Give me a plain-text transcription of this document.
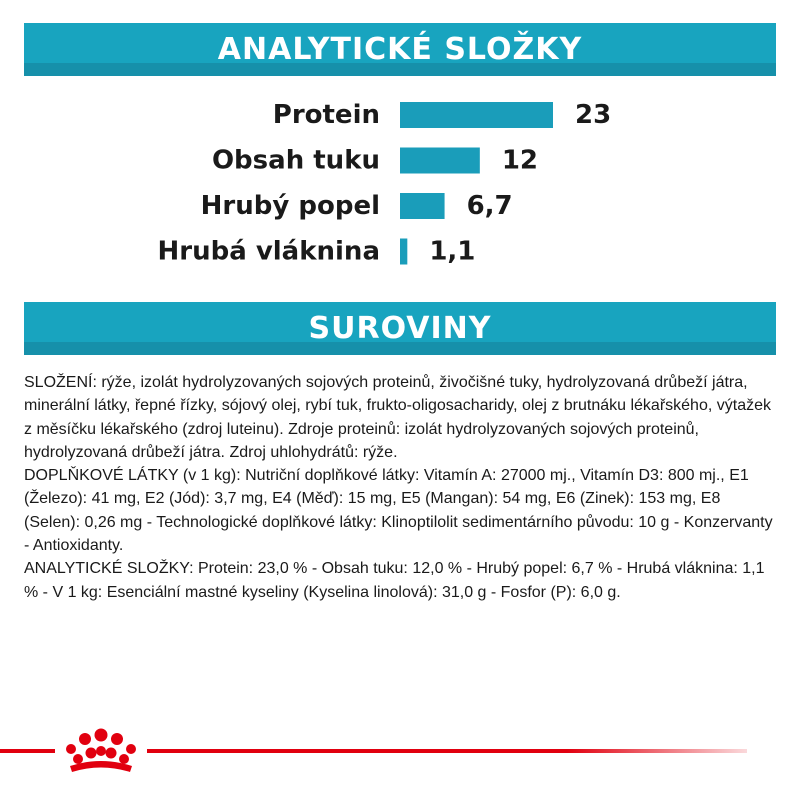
ANALYTICKÉ SLOŽKY
Protein	23
Obsah tuku	12
Hrubý popel	6,7
Hrubá vláknina 1,1
SUROVINY

SLOŽENÍ: rýže, izolát hydrolyzovaných sojových proteinů, živočišné tuky, hydrolyzovaná drůbeží játra, minerální látky, řepné řízky, sójový olej, rybí tuk, frukto-oligosacharidy, olej z brutnáku lékařského, výtažek z měsíčku lékařského (zdroj luteinu). Zdroje proteinů: izolát hydrolyzovaných sojových proteinů, hydrolyzovaná drůbeží játra. Zdroj uhlohydrátů: rýže.
DOPLŇKOVÉ LÁTKY (v 1 kg): Nutriční doplňkové látky: Vitamín A: 27000 mj., Vitamín D3: 800 mj., E1 (Železo): 41 mg, E2 (Jód): 3,7 mg, E4 (Měď): 15 mg, E5 (Mangan): 54 mg, E6 (Zinek): 153 mg, E8 (Selen): 0,26 mg - Technologické doplňkové látky: Klinoptilolit sedimentárního původu: 10 g - Konzervanty - Antioxidanty.
ANALYTICKÉ SLOŽKY: Protein: 23,0 % - Obsah tuku: 12,0 % - Hrubý popel: 6,7 % - Hrubá vláknina: 1,1 % - V 1 kg: Esenciální mastné kyseliny (Kyselina linolová): 31,0 g - Fosfor (P): 6,0 g.
